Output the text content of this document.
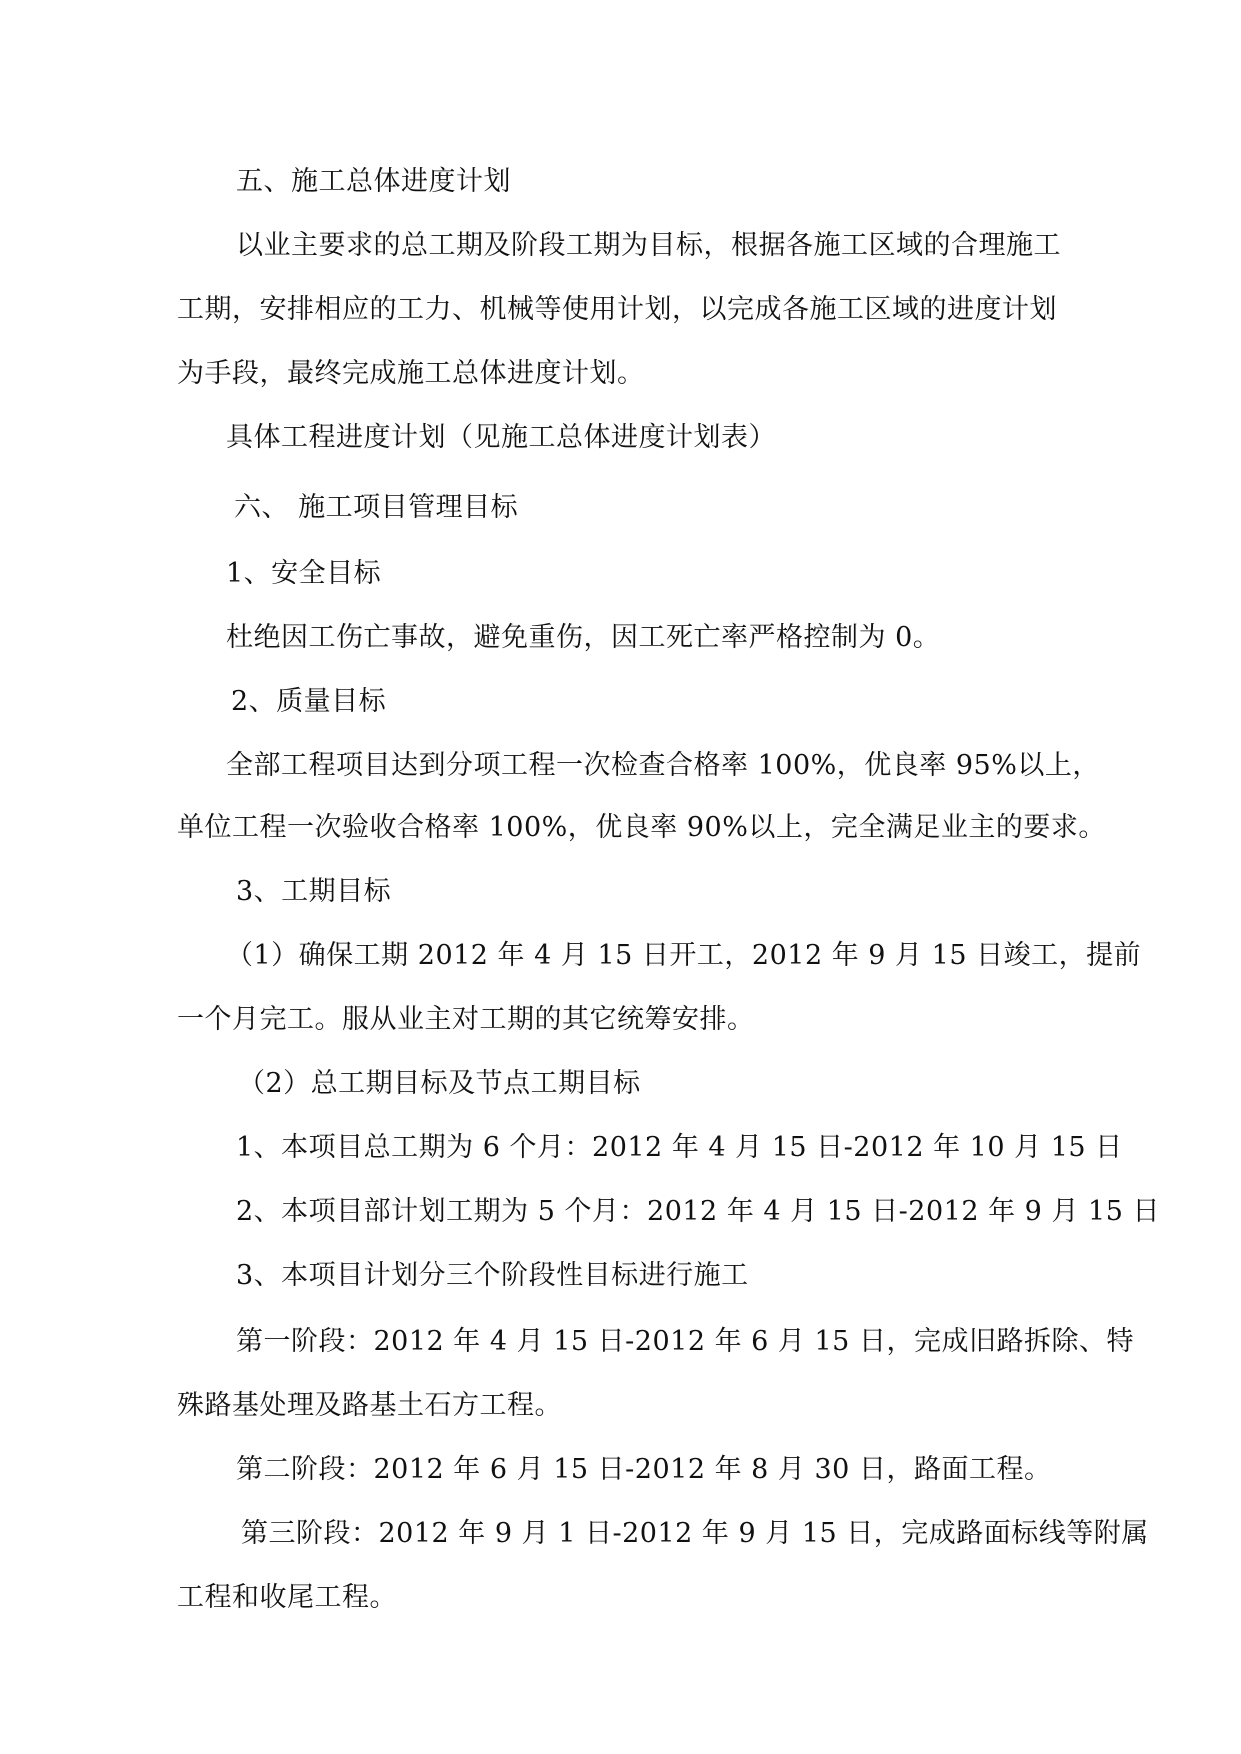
五、施工总体进度计划
以业主要求的总工期及阶段工期为目标，根据各施工区域的合理施工
工期，安排相应的工力、机械等使用计划，以完成各施工区域的进度计划
为手段，最终完成施工总体进度计划。
具体工程进度计划（见施工总体进度计划表）
六、 施工项目管理目标
1、安全目标
杜绝因工伤亡事故，避免重伤，因工死亡率严格控制为 0。
2、质量目标
全部工程项目达到分项工程一次检查合格率 100%，优良率 95%以上，
单位工程一次验收合格率 100%，优良率 90%以上，完全满足业主的要求。
3、工期目标
（1）确保工期 2012 年 4 月 15 日开工，2012 年 9 月 15 日竣工，提前
一个月完工。服从业主对工期的其它统筹安排。
（2）总工期目标及节点工期目标
1、本项目总工期为 6 个月：2012 年 4 月 15 日-2012 年 10 月 15 日
2、本项目部计划工期为 5 个月：2012 年 4 月 15 日-2012 年 9 月 15 日
3、本项目计划分三个阶段性目标进行施工
第一阶段：2012 年 4 月 15 日-2012 年 6 月 15 日，完成旧路拆除、特
殊路基处理及路基土石方工程。
第二阶段：2012 年 6 月 15 日-2012 年 8 月 30 日，路面工程。
第三阶段：2012 年 9 月 1 日-2012 年 9 月 15 日，完成路面标线等附属
工程和收尾工程。
